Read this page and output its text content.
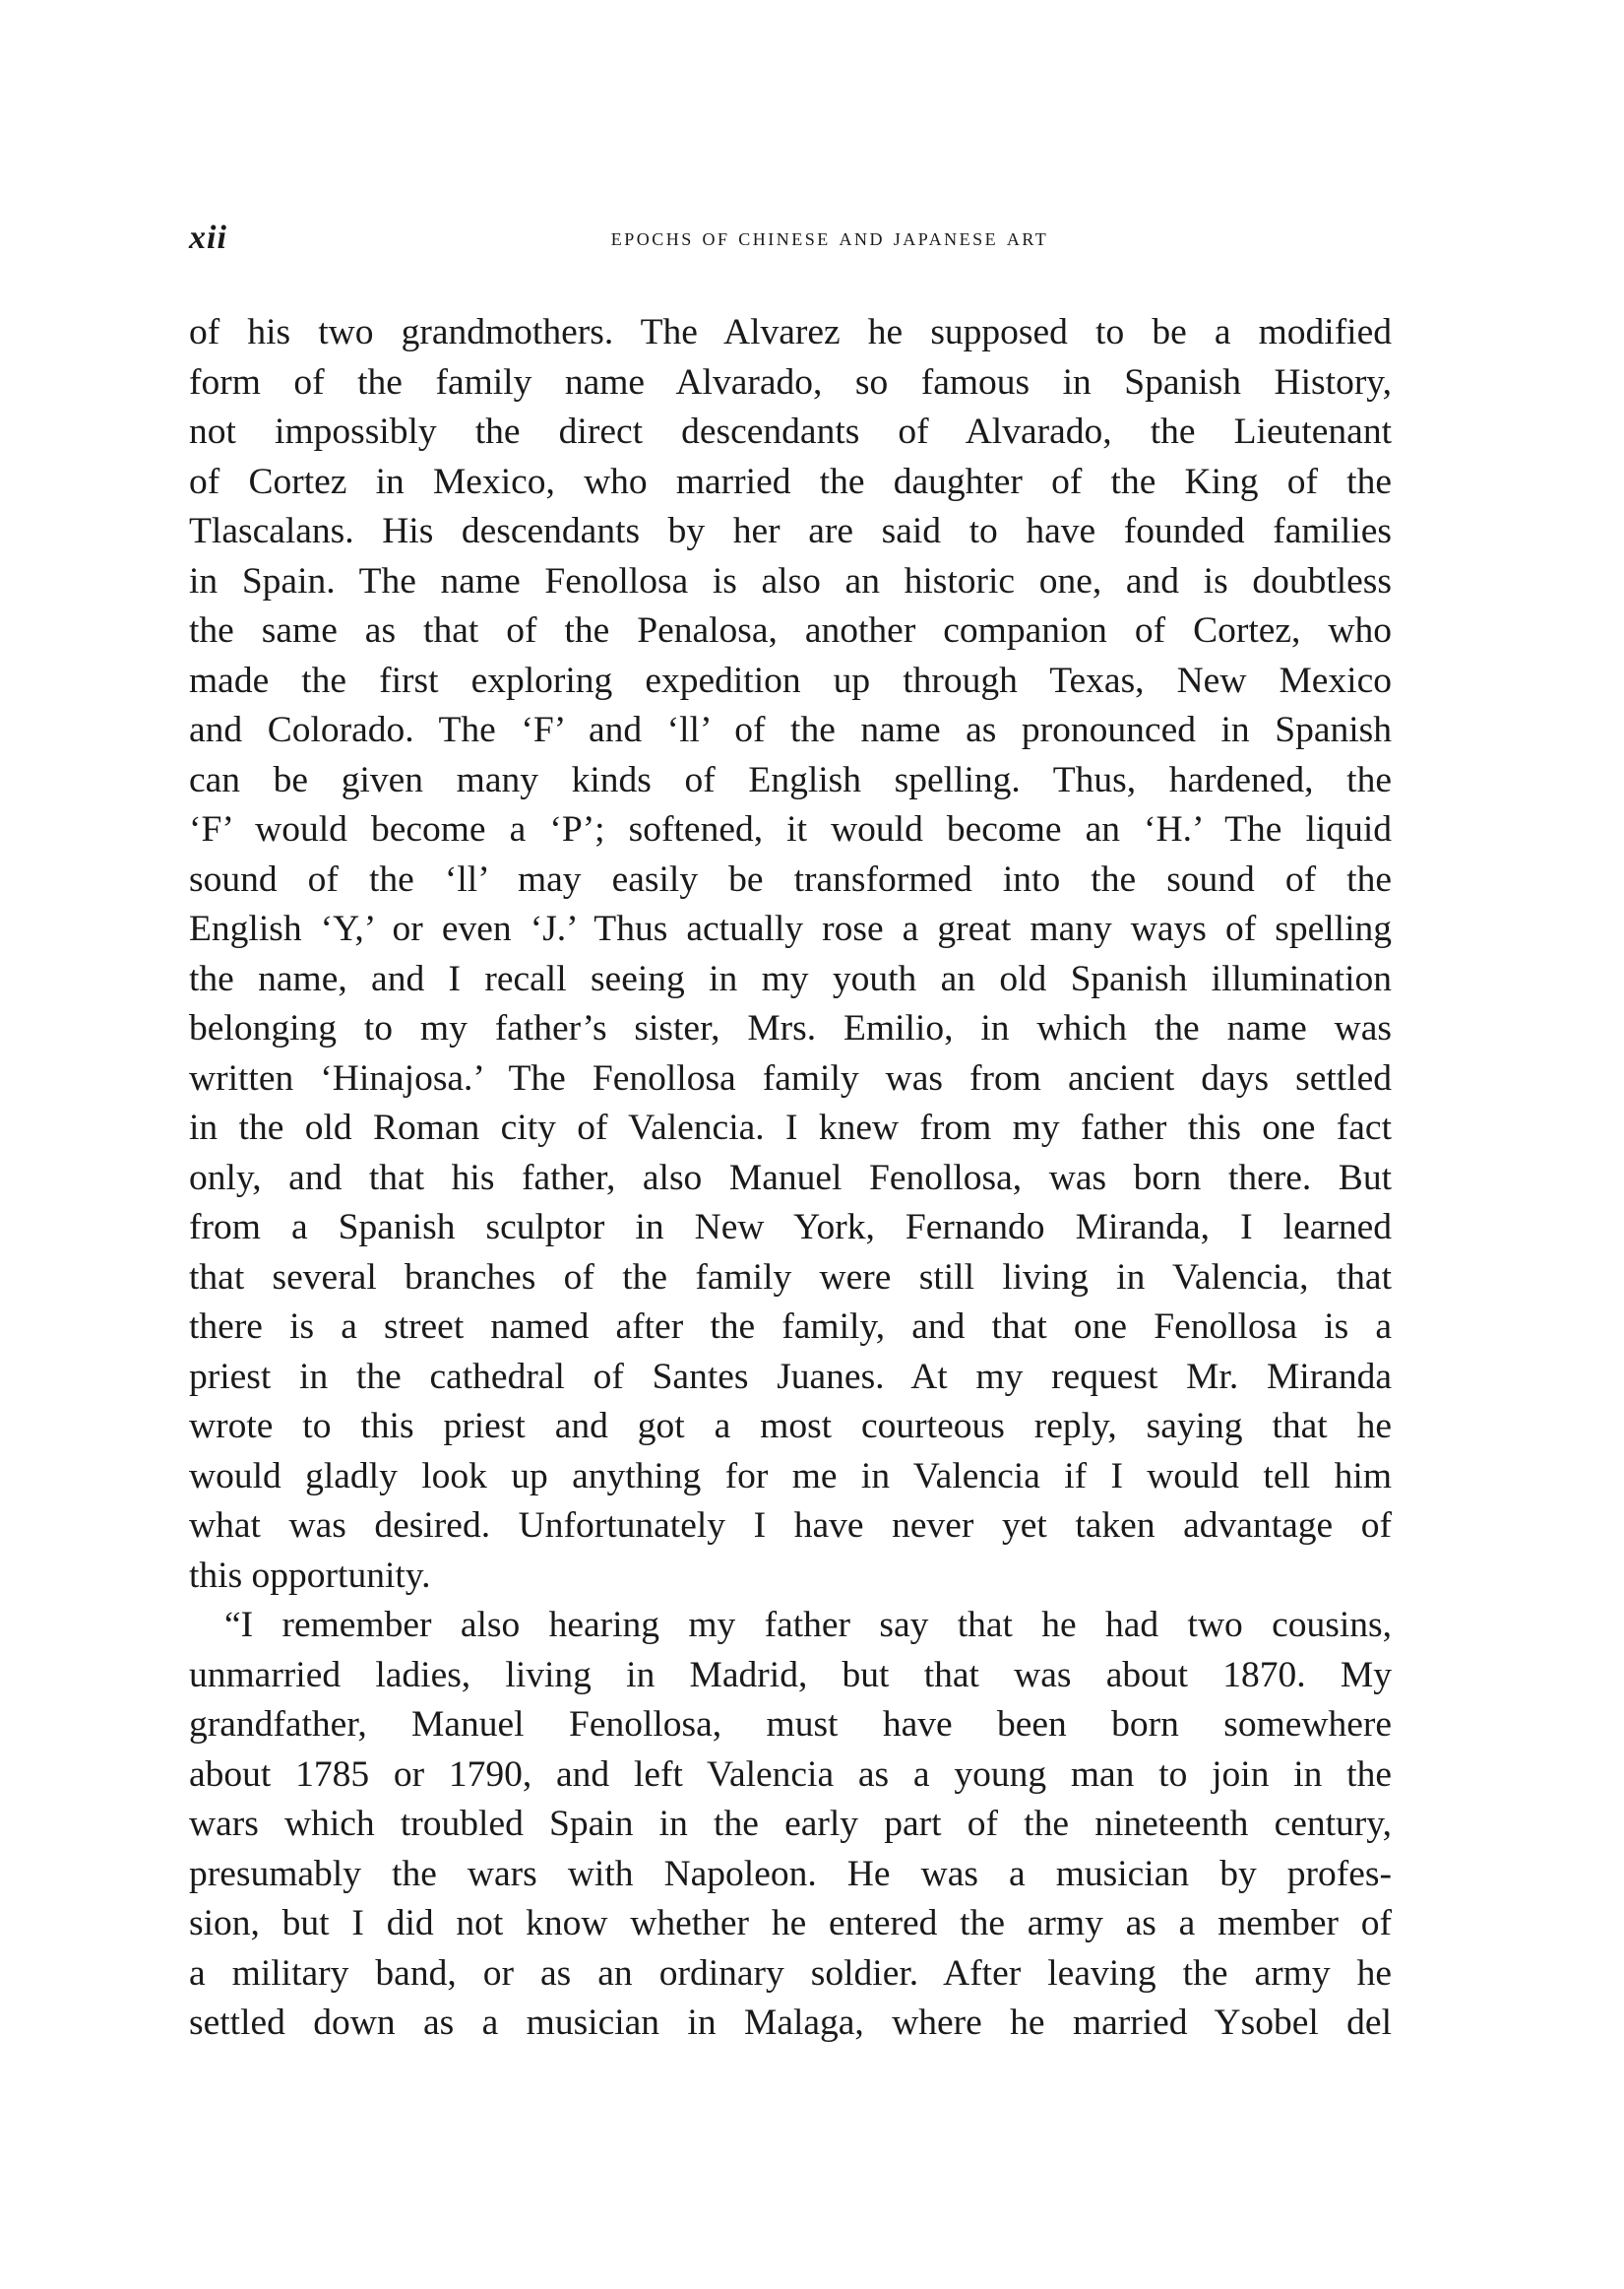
xii	epochs of chinese and japanese art
of his two grandmothers. The Alvarez he supposed to be a modified
form of the family name Alvarado, so famous in Spanish History,
not impossibly the direct descendants of Alvarado, the Lieutenant
of Cortez in Mexico, who married the daughter of the King of the
Tlascalans. His descendants by her are said to have founded families
in Spain. The name Fenollosa is also an historic one, and is doubtless
the same as that of the Penalosa, another companion of Cortez, who
made the first exploring expedition up through Texas, New Mexico
and Colorado. The ‘F’ and ‘ll’ of the name as pronounced in Spanish
can be given many kinds of English spelling. Thus, hardened, the
‘F’ would become a ‘P’; softened, it would become an ‘H.’ The liquid
sound of the ‘ll’ may easily be transformed into the sound of the
English ‘Y,’ or even ‘J.’ Thus actually rose a great many ways of spelling
the name, and I recall seeing in my youth an old Spanish illumination
belonging to my father’s sister, Mrs. Emilio, in which the name was
written ‘Hinajosa.’ The Fenollosa family was from ancient days settled
in the old Roman city of Valencia. I knew from my father this one fact
only, and that his father, also Manuel Fenollosa, was born there. But
from a Spanish sculptor in New York, Fernando Miranda, I learned
that several branches of the family were still living in Valencia, that
there is a street named after the family, and that one Fenollosa is a
priest in the cathedral of Santes Juanes. At my request Mr. Miranda
wrote to this priest and got a most courteous reply, saying that he
would gladly look up anything for me in Valencia if I would tell him
what was desired. Unfortunately I have never yet taken advantage of
this opportunity.
“I remember also hearing my father say that he had two cousins,
unmarried ladies, living in Madrid, but that was about 1870. My
grandfather, Manuel Fenollosa, must have been born somewhere
about 1785 or 1790, and left Valencia as a young man to join in the
wars which troubled Spain in the early part of the nineteenth century,
presumably the wars with Napoleon. He was a musician by profes-
sion, but I did not know whether he entered the army as a member of
a military band, or as an ordinary soldier. After leaving the army he
settled down as a musician in Malaga, where he married Ysobel del
